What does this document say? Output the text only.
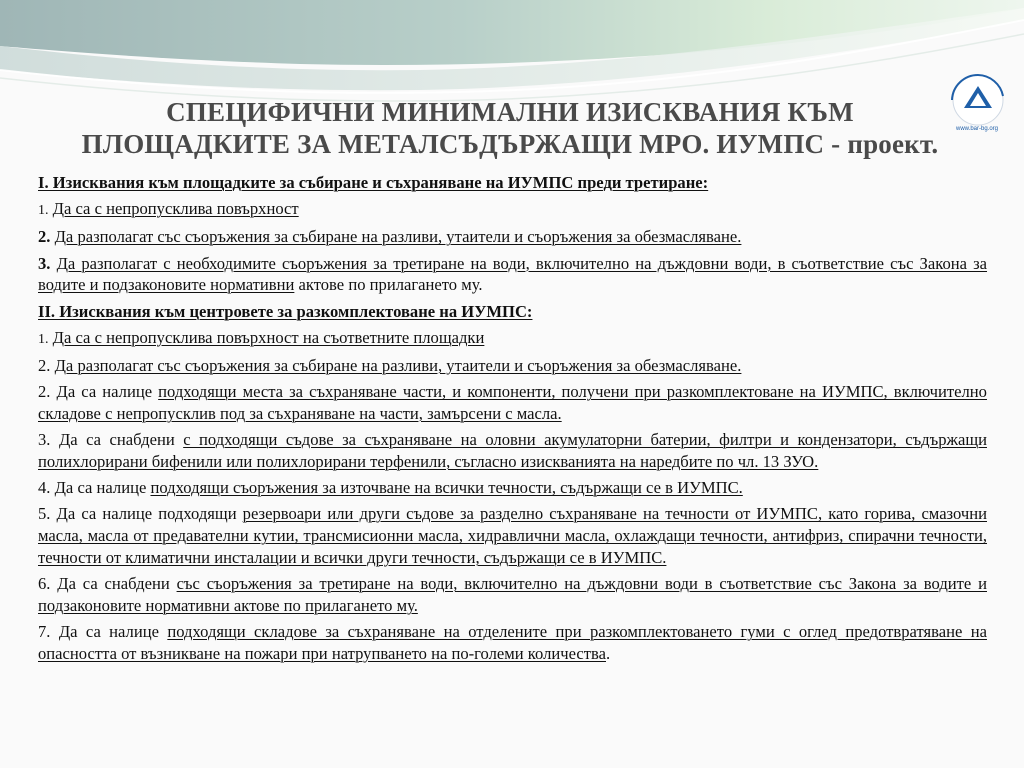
www.bar-bg.org
СПЕЦИФИЧНИ МИНИМАЛНИ ИЗИСКВАНИЯ КЪМ
ПЛОЩАДКИТЕ ЗА МЕТАЛСЪДЪРЖАЩИ МРО. ИУМПС - проект.

I. Изисквания към площадките за събиране и съхраняване на ИУМПС преди третиране:

1. Да са с непропусклива повърхност

2. Да разполагат със съоръжения за събиране на разливи, утаители и съоръжения за обезмасляване.

3. Да разполагат с необходимите съоръжения за третиране на води, включително на дъждовни води, в съответствие със Закона за водите и подзаконовите нормативни актове по прилагането му.

II. Изисквания към центровете за разкомплектоване на ИУМПС:

1. Да са с непропусклива повърхност на съответните площадки

2. Да разполагат със съоръжения за събиране на разливи, утаители и съоръжения за обезмасляване.

2. Да са налице подходящи места за съхраняване части, и компоненти, получени при разкомплектоване на ИУМПС, включително складове с непропусклив под за съхраняване на части, замърсени с масла.

3. Да са снабдени с подходящи съдове за съхраняване на оловни акумулаторни батерии, филтри и кондензатори, съдържащи полихлорирани бифенили или полихлорирани терфенили, съгласно изискванията на наредбите по чл. 13 ЗУО.

4. Да са налице подходящи съоръжения за източване на всички течности, съдържащи се в ИУМПС.

5. Да са налице подходящи резервоари или други съдове за разделно съхраняване на течности от ИУМПС, като горива, смазочни масла, масла от предавателни кутии, трансмисионни масла, хидравлични масла, охлаждащи течности, антифриз, спирачни течности, течности от климатични инсталации и всички други течности, съдържащи се в ИУМПС.

6. Да са снабдени със съоръжения за третиране на води, включително на дъждовни води в съответствие със Закона за водите и подзаконовите нормативни актове по прилагането му.

7. Да са налице подходящи складове за съхраняване на отделените при разкомплектоването гуми с оглед предотвратяване на опасността от възникване на пожари при натрупването на по-големи количества.
